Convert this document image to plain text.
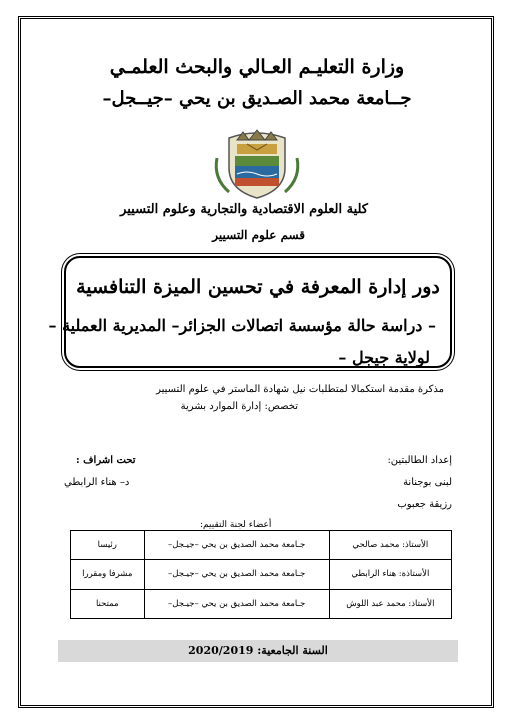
وزارة التعليـم العـالي والبحث العلمـي
جــامعة محمد الصـديق بن يحي –جيــجل–
كلية العلوم الاقتصادية والتجارية وعلوم التسيير
قسم علوم التسيير
دور إدارة المعرفة في تحسين الميزة التنافسية
– دراسة حالة مؤسسة اتصالات الجزائر– المديرية العملية –
لولاية جيجل –
مذكرة مقدمة استكمالا لمتطلبات نيل شهادة الماستر في علوم التسيير
تخصص: إدارة الموارد بشرية
إعداد الطالبتين:
لبنى بوجنانة
رزيقة جعبوب
تحت اشراف :
د– هناء الرابطي
أعضاء لجنة التقييم:
الأستاذ: محمد صالحي	جـامعة محمد الصديق بن يحي –جيـجل–	رئيسا
الأستاذة: هناء الرابطي	جـامعة محمد الصديق بن يحي –جيـجل–	مشرفا ومقررا
الأستاذ: محمد عبد اللوش	جـامعة محمد الصديق بن يحي –جيـجل–	ممتحنا
السنة الجامعية: 2020/2019
